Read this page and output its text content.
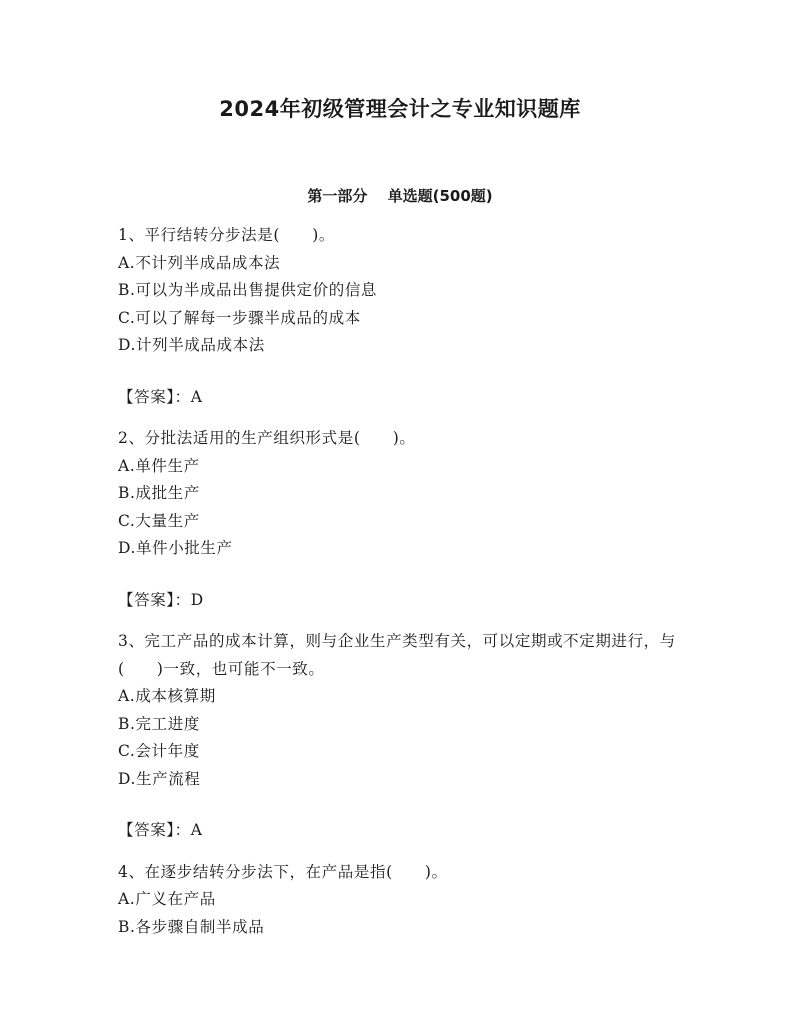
2024年初级管理会计之专业知识题库
第一部分　 单选题(500题)

1、平行结转分步法是(　　)。

A.不计列半成品成本法

B.可以为半成品出售提供定价的信息

C.可以了解每一步骤半成品的成本

D.计列半成品成本法

【答案】：A

2、分批法适用的生产组织形式是(　　)。

A.单件生产

B.成批生产

C.大量生产

D.单件小批生产

【答案】：D

3、完工产品的成本计算，则与企业生产类型有关，可以定期或不定期进行，与(　　)一致，也可能不一致。

A.成本核算期

B.完工进度

C.会计年度

D.生产流程

【答案】：A

4、在逐步结转分步法下，在产品是指(　　)。

A.广义在产品

B.各步骤自制半成品
